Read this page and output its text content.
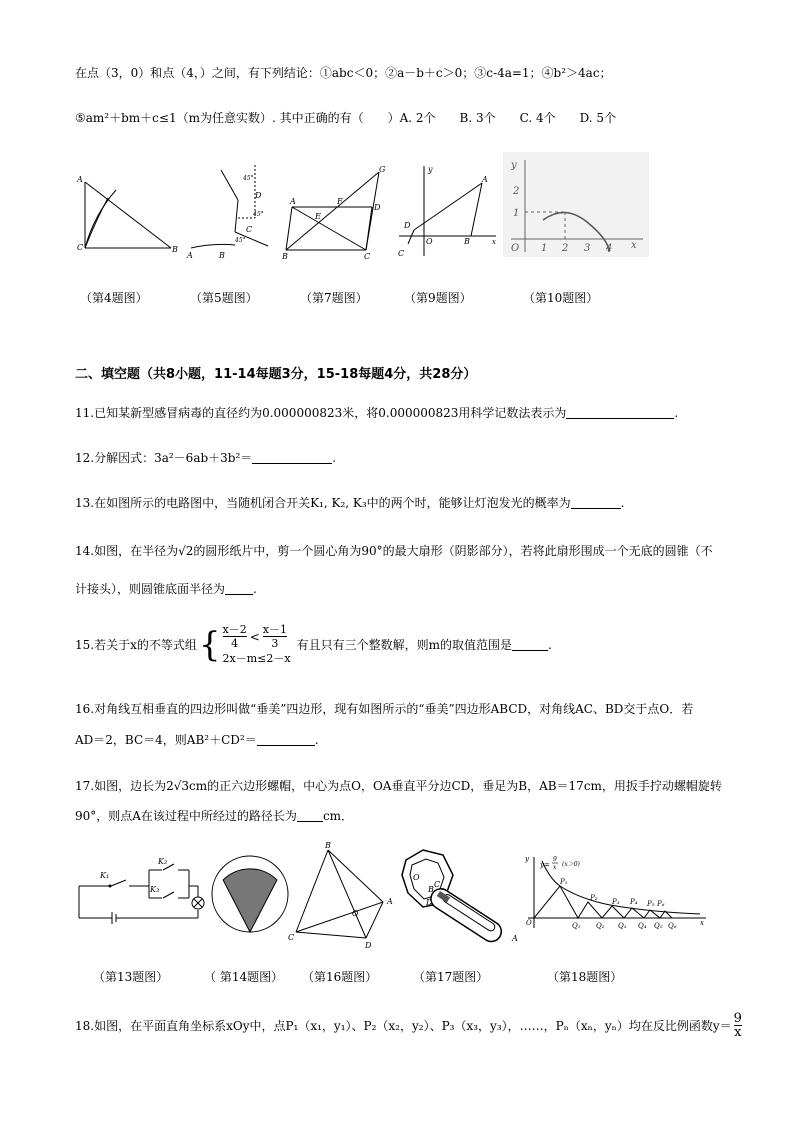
在点（3，0）和点（4，）之间，有下列结论：①abc＜0；②a－b＋c＞0；③c-4a=1；④b²＞4ac；
⑤am²＋bm＋c≤1（m为任意实数）. 其中正确的有（　　）A. 2个　　B. 3个　　C. 4个　　D. 5个
A
C	B
45°
D
45°
C
45°
A	B
G
A
E
F
D
B	C
y
A
D
O	B	x
C
y
2
1
O 1 2 3 4 x
（第4题图）	（第5题图）	（第7题图）	（第9题图）	（第10题图）
二、填空题（共8小题，11-14每题3分，15-18每题4分，共28分）
11.已知某新型感冒病毒的直径约为0.000000823米，将0.000000823用科学记数法表示为	.
12.分解因式：3a²－6ab＋3b²＝	.
13.在如图所示的电路图中，当随机闭合开关K₁, K₂, K₃中的两个时，能够让灯泡发光的概率为	.
14.如图，在半径为√2的圆形纸片中，剪一个圆心角为90°的最大扇形（阴影部分），若将此扇形围成一个无底的圆锥（不
计接头），则圆锥底面半径为 .
15.若关于x的不等式组 { $\frac{x-2}{4} < \frac{x-1}{3}$
2x－m≤2－x
有且只有三个整数解，则m的取值范围是	.
16.对角线互相垂直的四边形叫做“垂美”四边形，现有如图所示的“垂美”四边形ABCD，对角线AC、BD交于点O．若
AD＝2，BC＝4，则AB²＋CD²＝	.
17.如图，边长为2√3cm的正六边形螺帽，中心为点O，OA垂直平分边CD，垂足为B，AB＝17cm，用扳手拧动螺帽旋转
90°，则点A在该过程中所经过的路径长为 cm．
K₁
K₂
K₃
B
O
A
C
D
O
B
C
D
A
y
y=
9
x (x＞0)
P₁
P₂ P₃ P₄ P₅ P₆
O	Q₁ Q₂ Q₃ Q₄ Q₅ Q₆	x
（第13题图）	（ 第14题图） （第16题图）	（第17题图）	（第18题图）
18.如图，在平面直角坐标系xOy中，点P₁（x₁，y₁）、P₂（x₂，y₂）、P₃（x₃，y₃），……，Pₙ（xₙ，yₙ）均在反比例函数$y= \frac{9}{x}$
